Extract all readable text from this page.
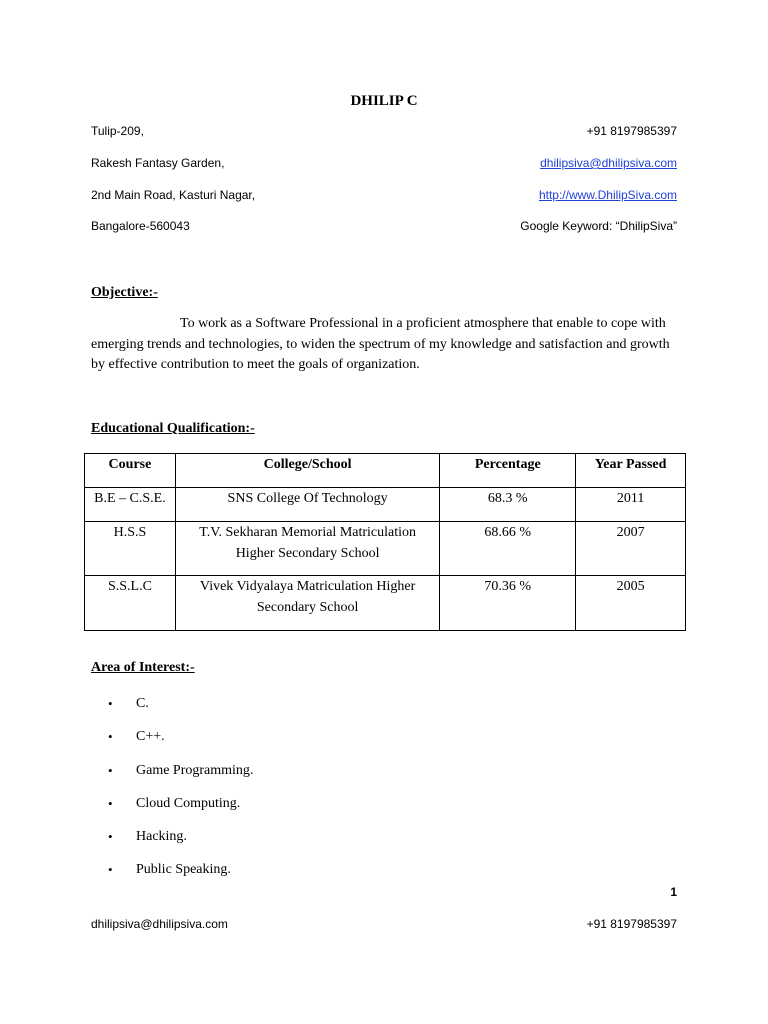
DHILIP C
Tulip-209,
Rakesh Fantasy Garden,
2nd Main Road, Kasturi Nagar,
Bangalore-560043
+91 8197985397
dhilipsiva@dhilipsiva.com
http://www.DhilipSiva.com
Google Keyword: “DhilipSiva”
Objective:-

To work as a Software Professional in a proficient atmosphere that enable to cope with emerging trends and technologies, to widen the spectrum of my knowledge and satisfaction and growth by effective contribution to meet the goals of organization.

Educational Qualification:-
Course	College/School	Percentage	Year Passed
B.E – C.S.E.	SNS College Of Technology	68.3 %	2011
H.S.S	T.V. Sekharan Memorial Matriculation Higher Secondary School	68.66 %	2007
S.S.L.C	Vivek Vidyalaya Matriculation Higher Secondary School	70.36 %	2005
Area of Interest:-
• C.
• C++.
• Game Programming.
• Cloud Computing.
• Hacking.
• Public Speaking.
1
dhilipsiva@dhilipsiva.com	+91 8197985397
